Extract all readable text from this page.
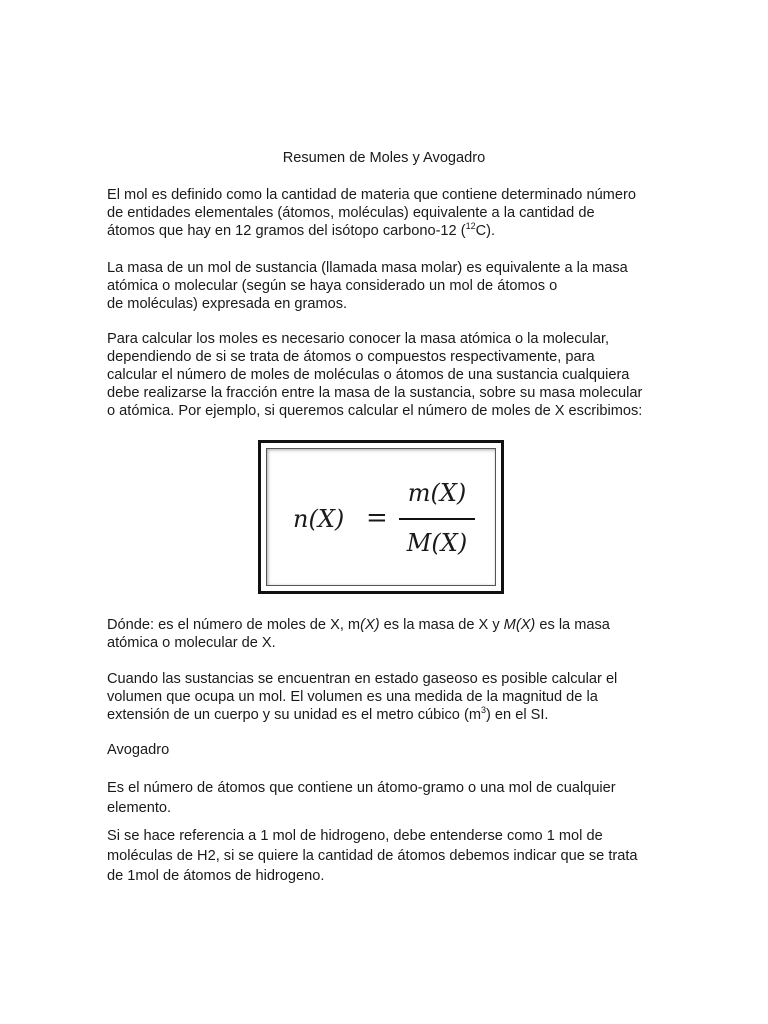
Resumen de Moles y Avogadro
El mol es definido como la cantidad de materia que contiene determinado número
de entidades elementales (átomos, moléculas) equivalente a la cantidad de
átomos que hay en 12 gramos del isótopo carbono-12 ($^{12}$C).
La masa de un mol de sustancia (llamada masa molar) es equivalente a la masa
atómica o molecular (según se haya considerado un mol de átomos o
de moléculas) expresada en gramos.
Para calcular los moles es necesario conocer la masa atómica o la molecular,
dependiendo de si se trata de átomos o compuestos respectivamente, para
calcular el número de moles de moléculas o átomos de una sustancia cualquiera
debe realizarse la fracción entre la masa de la sustancia, sobre su masa molecular
o atómica. Por ejemplo, si queremos calcular el número de moles de X escribimos:
n(X) =
m(X)
M(X)
Dónde: es el número de moles de X, m(X) es la masa de X y M(X) es la masa
atómica o molecular de X.
Cuando las sustancias se encuentran en estado gaseoso es posible calcular el
volumen que ocupa un mol. El volumen es una medida de la magnitud de la
extensión de un cuerpo y su unidad es el metro cúbico $(m^3)$ en el SI.
Avogadro
Es el número de átomos que contiene un átomo-gramo o una mol de cualquier
elemento.
Si se hace referencia a 1 mol de hidrogeno, debe entenderse como 1 mol de
moléculas de H2, si se quiere la cantidad de átomos debemos indicar que se trata
de 1mol de átomos de hidrogeno.
